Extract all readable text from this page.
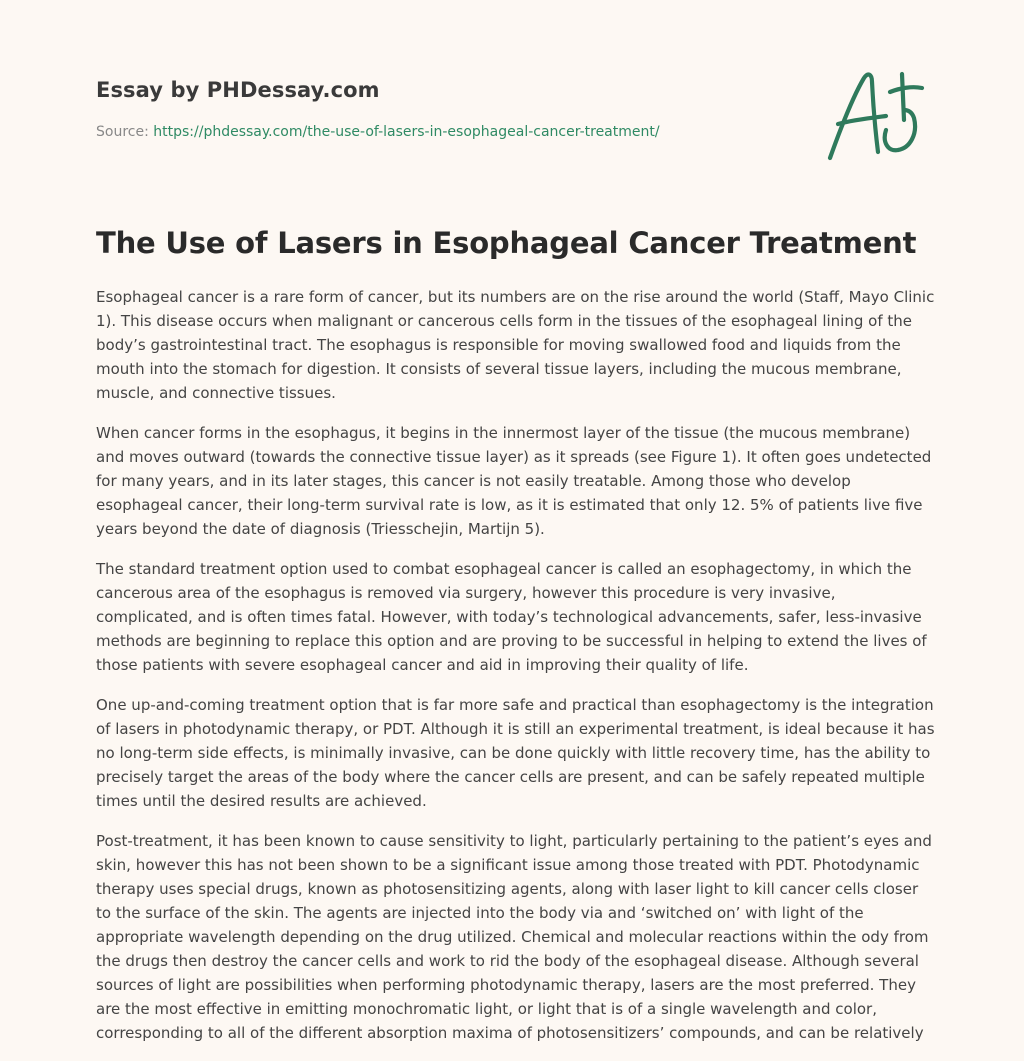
Essay by PHDessay.com
Source: https://phdessay.com/the-use-of-lasers-in-esophageal-cancer-treatment/
The Use of Lasers in Esophageal Cancer Treatment

Esophageal cancer is a rare form of cancer, but its numbers are on the rise around the world (Staff, Mayo Clinic 1). This disease occurs when malignant or cancerous cells form in the tissues of the esophageal lining of the body’s gastrointestinal tract. The esophagus is responsible for moving swallowed food and liquids from the mouth into the stomach for digestion. It consists of several tissue layers, including the mucous membrane, muscle, and connective tissues.

When cancer forms in the esophagus, it begins in the innermost layer of the tissue (the mucous membrane) and moves outward (towards the connective tissue layer) as it spreads (see Figure 1). It often goes undetected for many years, and in its later stages, this cancer is not easily treatable. Among those who develop esophageal cancer, their long-term survival rate is low, as it is estimated that only 12. 5% of patients live five years beyond the date of diagnosis (Triesschejin, Martijn 5).

The standard treatment option used to combat esophageal cancer is called an esophagectomy, in which the cancerous area of the esophagus is removed via surgery, however this procedure is very invasive, complicated, and is often times fatal. However, with today’s technological advancements, safer, less-invasive methods are beginning to replace this option and are proving to be successful in helping to extend the lives of those patients with severe esophageal cancer and aid in improving their quality of life.

One up-and-coming treatment option that is far more safe and practical than esophagectomy is the integration of lasers in photodynamic therapy, or PDT. Although it is still an experimental treatment, is ideal because it has no long-term side effects, is minimally invasive, can be done quickly with little recovery time, has the ability to precisely target the areas of the body where the cancer cells are present, and can be safely repeated multiple times until the desired results are achieved.

Post-treatment, it has been known to cause sensitivity to light, particularly pertaining to the patient’s eyes and skin, however this has not been shown to be a significant issue among those treated with PDT. Photodynamic therapy uses special drugs, known as photosensitizing agents, along with laser light to kill cancer cells closer to the surface of the skin. The agents are injected into the body via and ‘switched on’ with light of the appropriate wavelength depending on the drug utilized. Chemical and molecular reactions within the ody from the drugs then destroy the cancer cells and work to rid the body of the esophageal disease. Although several sources of light are possibilities when performing photodynamic therapy, lasers are the most preferred. They are the most effective in emitting monochromatic light, or light that is of a single wavelength and color, corresponding to all of the different absorption maxima of photosensitizers’ compounds, and can be relatively
